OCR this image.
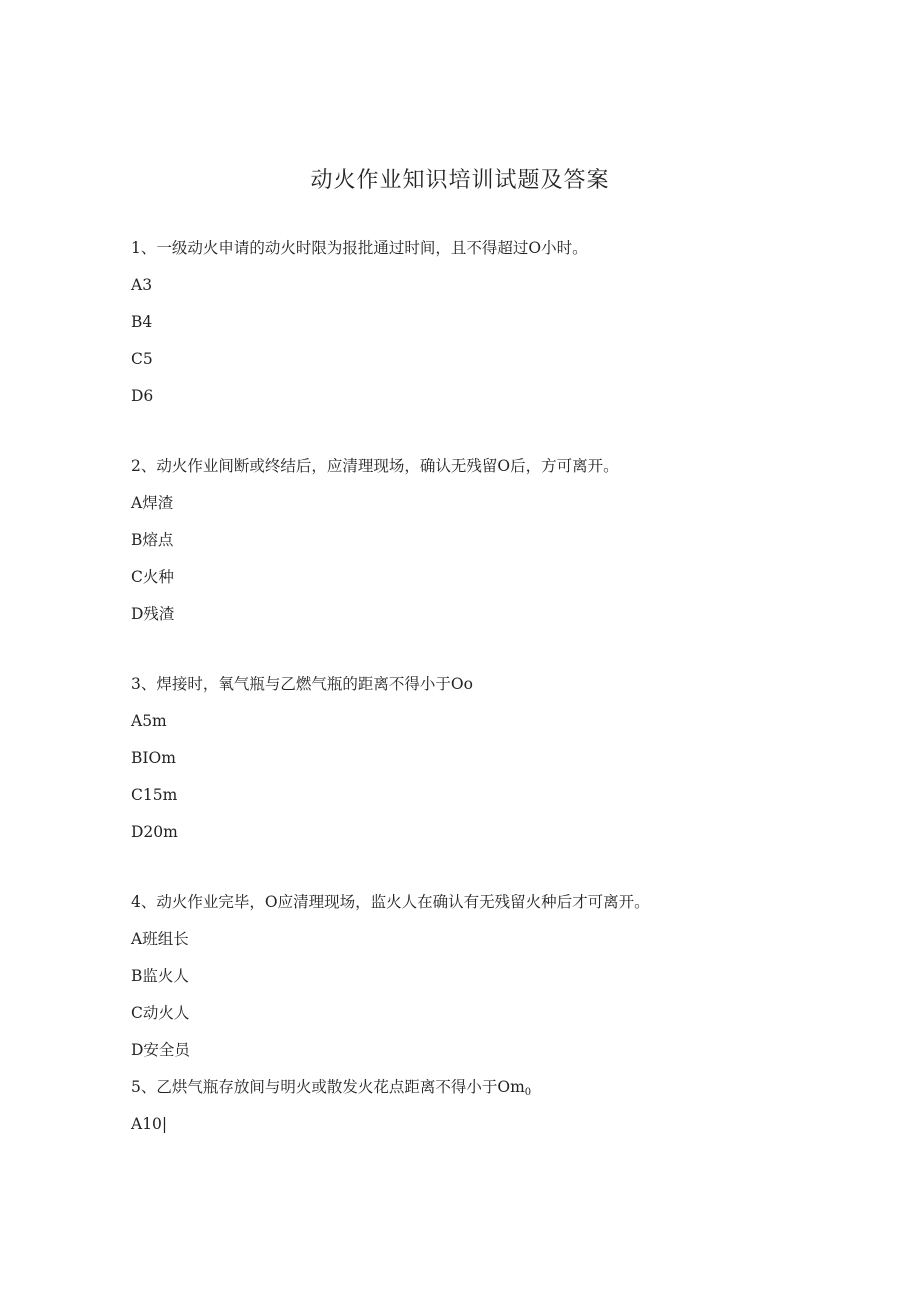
动火作业知识培训试题及答案
1、一级动火申请的动火时限为报批通过时间，且不得超过O小时。
A3
B4
C5
D6
2、动火作业间断或终结后，应清理现场，确认无残留O后，方可离开。
A焊渣
B熔点
C火种
D残渣
3、焊接时，氧气瓶与乙燃气瓶的距离不得小于Oo
A5m
BIOm
C15m
D20m
4、动火作业完毕，O应清理现场，监火人在确认有无残留火种后才可离开。
A班组长
B监火人
C动火人
D安全员
5、乙烘气瓶存放间与明火或散发火花点距离不得小于$Om_0$
A10|
